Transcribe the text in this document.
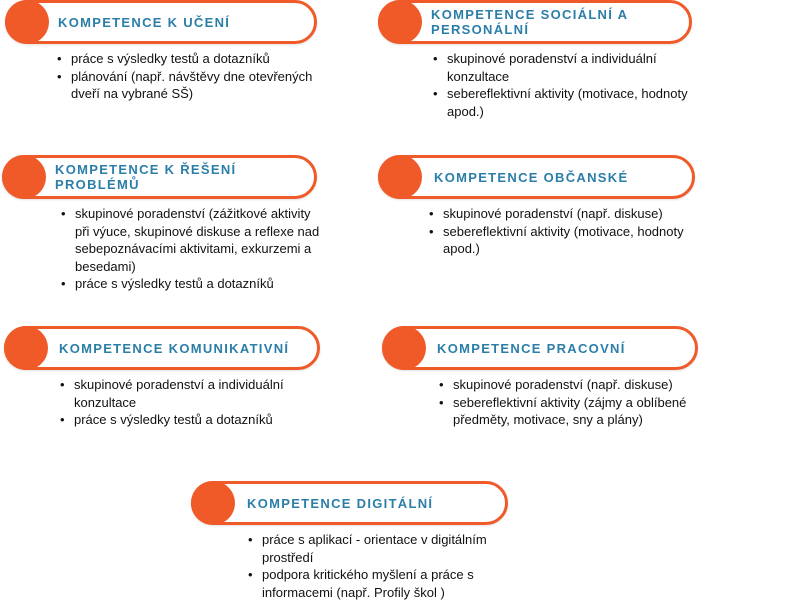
KOMPETENCE K UČENÍ
• práce s výsledky testů a dotazníků
• plánování (např. návštěvy dne otevřených dveří na vybrané SŠ)
KOMPETENCE SOCIÁLNÍ A PERSONÁLNÍ
• skupinové poradenství a individuální konzultace
• sebereflektivní aktivity (motivace, hodnoty apod.)
KOMPETENCE K ŘEŠENÍ PROBLÉMŮ
• skupinové poradenství (zážitkové aktivity při výuce, skupinové diskuse a reflexe nad sebepoznávacími aktivitami, exkurzemi a besedami)
• práce s výsledky testů a dotazníků
KOMPETENCE OBČANSKÉ
• skupinové poradenství (např. diskuse)
• sebereflektivní aktivity (motivace, hodnoty apod.)
KOMPETENCE KOMUNIKATIVNÍ
• skupinové poradenství a individuální konzultace
• práce s výsledky testů a dotazníků
KOMPETENCE PRACOVNÍ
• skupinové poradenství (např. diskuse)
• sebereflektivní aktivity (zájmy a oblíbené předměty, motivace, sny a plány)
KOMPETENCE DIGITÁLNÍ
• práce s aplikací - orientace v digitálním prostředí
• podpora kritického myšlení a práce s informacemi (např. Profily škol )
